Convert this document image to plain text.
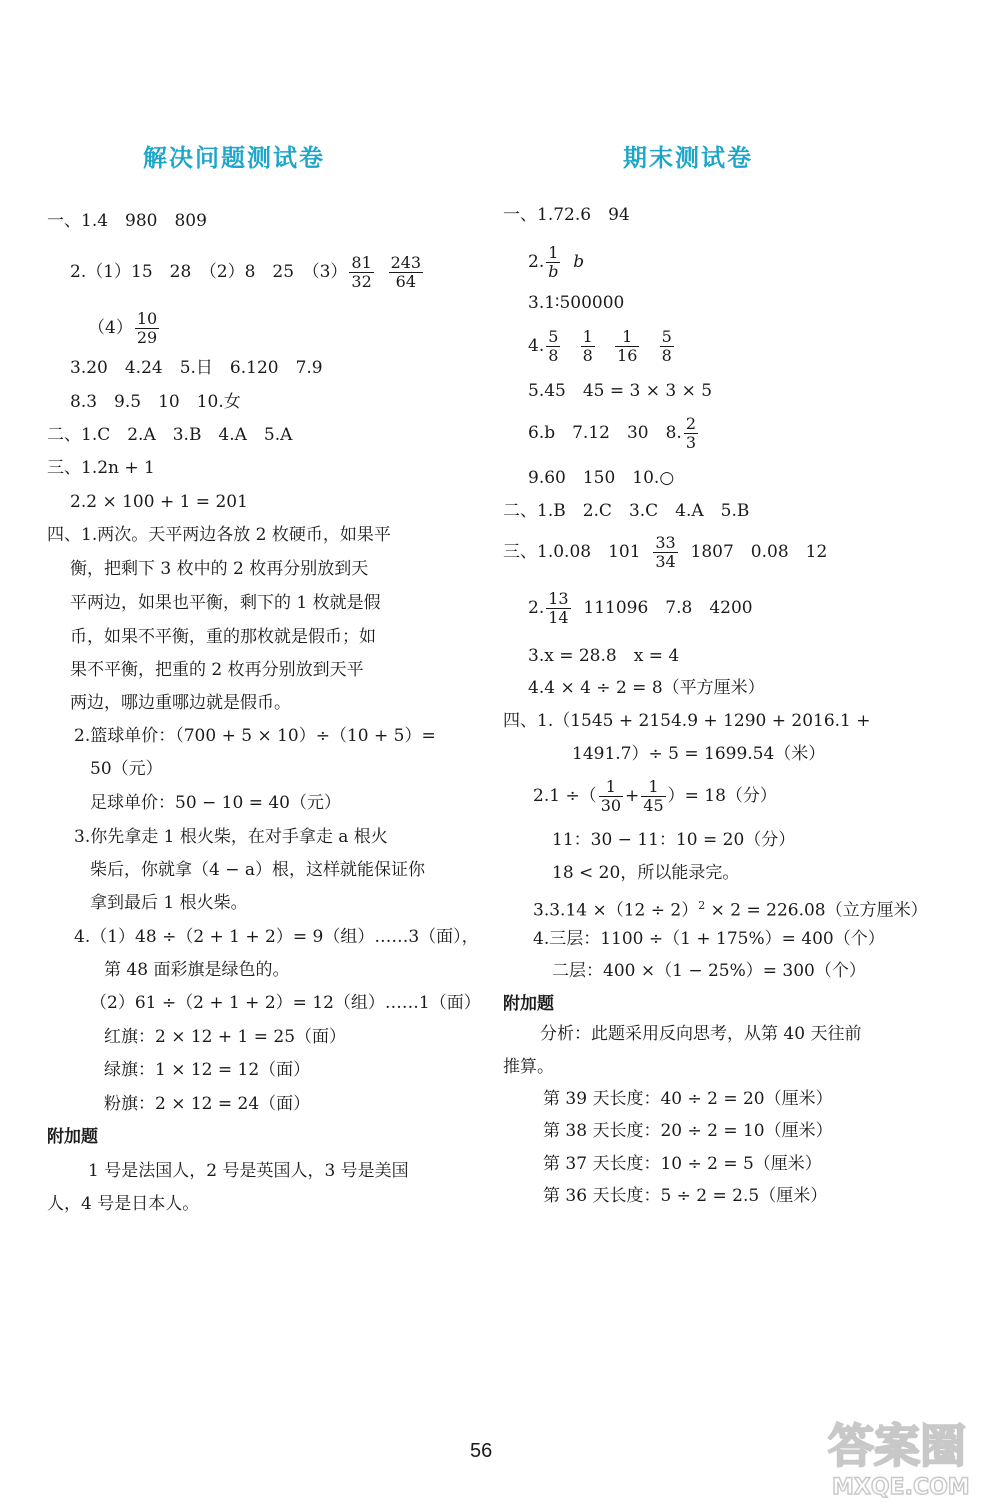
解决问题测试卷
一、1.4　980　809
2.（1）15　28　（2）8　25　$(3) \frac{81}{32}$
$\frac{243}{64}$
$(4) \frac{10}{29}$
3.20　4.24　5.日　6.120　7.9
8.3　9.5　10　10.女
二、1.C　2.A　3.B　4.A　5.A
三、1.2n + 1
2.2 × 100 + 1 = 201
四、1.两次。天平两边各放 2 枚硬币，如果平
衡，把剩下 3 枚中的 2 枚再分别放到天
平两边，如果也平衡，剩下的 1 枚就是假
币，如果不平衡，重的那枚就是假币；如
果不平衡，把重的 2 枚再分别放到天平
两边，哪边重哪边就是假币。
2.篮球单价：（700 + 5 × 10）÷（10 + 5）=
50（元）
足球单价：50 − 10 = 40（元）
3.你先拿走 1 根火柴，在对手拿走 a 根火
柴后，你就拿（4 − a）根，这样就能保证你
拿到最后 1 根火柴。
4.（1）48 ÷（2 + 1 + 2）= 9（组）……3（面），
第 48 面彩旗是绿色的。
（2）61 ÷（2 + 1 + 2）= 12（组）……1（面）
红旗：2 × 12 + 1 = 25（面）
绿旗：1 × 12 = 12（面）
粉旗：2 × 12 = 24（面）
附加题
1 号是法国人，2 号是英国人，3 号是美国
人，4 号是日本人。
期末测试卷
一、1.72.6　94
2. $\frac{1}{b}$ b
3.1∶500000
4. $\frac{5}{8}$
$\frac{1}{8}$
$\frac{1}{16}$
$\frac{5}{8}$
5.45　45 = 3 × 3 × 5
6.b　7.12　30　8. $\frac{2}{3}$
9.60　150　10.○
二、1.B　2.C　3.C　4.A　5.B
三、1.0.08　$101 \frac{33}{34} 1807$　0.08　12
2. $\frac{13}{14} 111096$　7.8　4200
3.x = 28.8　x = 4
4.4 × 4 ÷ 2 = 8（平方厘米）
四、1.（1545 + 2154.9 + 1290 + 2016.1 +
1491.7）÷ 5 = 1699.54（米）
2.1 ÷（ $\frac{1}{30} + \frac{1}{45}$ ）= 18（分）
11：30 − 11：10 = 20（分）
18 < 20，所以能录完。
$3.3.14 \times(12 \div 2)^2 \times 2 = 226.08$（立方厘米）
4.三层：1100 ÷（1 + 175%）= 400（个）
二层：400 ×（1 − 25%）= 300（个）
附加题
分析：此题采用反向思考，从第 40 天往前
推算。
第 39 天长度：40 ÷ 2 = 20（厘米）
第 38 天长度：20 ÷ 2 = 10（厘米）
第 37 天长度：10 ÷ 2 = 5（厘米）
第 36 天长度：5 ÷ 2 = 2.5（厘米）
56	答案圈
MXQE.COM
